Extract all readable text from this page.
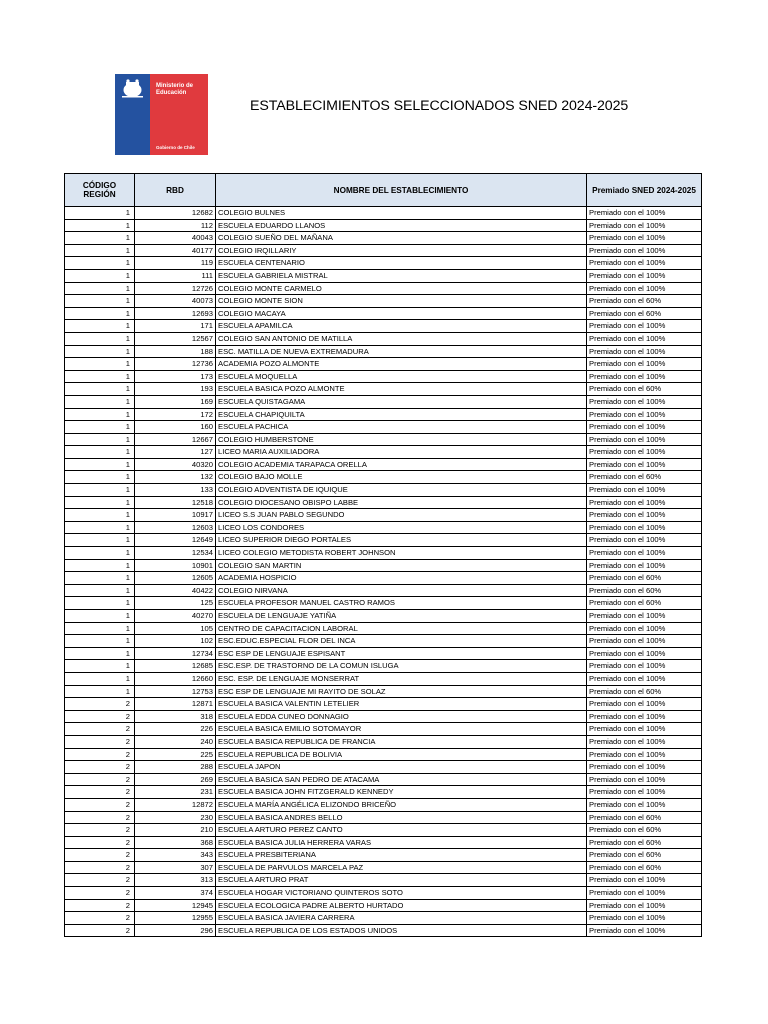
Ministerio de
Educación
Gobierno de Chile
ESTABLECIMIENTOS SELECCIONADOS SNED 2024-2025
CÓDIGO
REGIÓN	RBD	NOMBRE DEL ESTABLECIMIENTO	Premiado SNED 2024-2025
1	12682	COLEGIO BULNES	Premiado con el 100%
1	112	ESCUELA EDUARDO LLANOS	Premiado con el 100%
1	40043	COLEGIO SUEÑO DEL MAÑANA	Premiado con el 100%
1	40177	COLEGIO IRQILLARIY	Premiado con el 100%
1	119	ESCUELA CENTENARIO	Premiado con el 100%
1	111	ESCUELA GABRIELA MISTRAL	Premiado con el 100%
1	12726	COLEGIO MONTE CARMELO	Premiado con el 100%
1	40073	COLEGIO MONTE SION	Premiado con el 60%
1	12693	COLEGIO MACAYA	Premiado con el 60%
1	171	ESCUELA APAMILCA	Premiado con el 100%
1	12567	COLEGIO SAN ANTONIO DE MATILLA	Premiado con el 100%
1	188	ESC. MATILLA DE NUEVA EXTREMADURA	Premiado con el 100%
1	12736	ACADEMIA POZO ALMONTE	Premiado con el 100%
1	173	ESCUELA MOQUELLA	Premiado con el 100%
1	193	ESCUELA BASICA POZO ALMONTE	Premiado con el 60%
1	169	ESCUELA QUISTAGAMA	Premiado con el 100%
1	172	ESCUELA CHAPIQUILTA	Premiado con el 100%
1	160	ESCUELA PACHICA	Premiado con el 100%
1	12667	COLEGIO HUMBERSTONE	Premiado con el 100%
1	127	LICEO MARIA AUXILIADORA	Premiado con el 100%
1	40320	COLEGIO ACADEMIA TARAPACA ORELLA	Premiado con el 100%
1	132	COLEGIO BAJO MOLLE	Premiado con el 60%
1	133	COLEGIO ADVENTISTA DE IQUIQUE	Premiado con el 100%
1	12518	COLEGIO DIOCESANO OBISPO LABBE	Premiado con el 100%
1	10917	LICEO S.S JUAN PABLO SEGUNDO	Premiado con el 100%
1	12603	LICEO LOS CONDORES	Premiado con el 100%
1	12649	LICEO SUPERIOR DIEGO PORTALES	Premiado con el 100%
1	12534	LICEO COLEGIO METODISTA ROBERT JOHNSON	Premiado con el 100%
1	10901	COLEGIO SAN MARTIN	Premiado con el 100%
1	12605	ACADEMIA HOSPICIO	Premiado con el 60%
1	40422	COLEGIO NIRVANA	Premiado con el 60%
1	125	ESCUELA PROFESOR MANUEL CASTRO RAMOS	Premiado con el 60%
1	40270	ESCUELA DE LENGUAJE YATIÑA	Premiado con el 100%
1	105	CENTRO DE CAPACITACION LABORAL	Premiado con el 100%
1	102	ESC.EDUC.ESPECIAL FLOR DEL INCA	Premiado con el 100%
1	12734	ESC ESP DE LENGUAJE ESPISANT	Premiado con el 100%
1	12685	ESC.ESP. DE TRASTORNO DE LA COMUN ISLUGA	Premiado con el 100%
1	12660	ESC. ESP. DE LENGUAJE MONSERRAT	Premiado con el 100%
1	12753	ESC ESP DE LENGUAJE MI RAYITO DE SOLAZ	Premiado con el 60%
2	12871	ESCUELA BASICA VALENTIN LETELIER	Premiado con el 100%
2	318	ESCUELA EDDA CUNEO DONNAGIO	Premiado con el 100%
2	226	ESCUELA BASICA EMILIO SOTOMAYOR	Premiado con el 100%
2	240	ESCUELA BASICA REPUBLICA DE FRANCIA	Premiado con el 100%
2	225	ESCUELA REPUBLICA DE BOLIVIA	Premiado con el 100%
2	288	ESCUELA JAPON	Premiado con el 100%
2	269	ESCUELA BASICA SAN PEDRO DE ATACAMA	Premiado con el 100%
2	231	ESCUELA BASICA JOHN FITZGERALD KENNEDY	Premiado con el 100%
2	12872	ESCUELA MARÍA ANGÉLICA ELIZONDO BRICEÑO	Premiado con el 100%
2	230	ESCUELA BASICA ANDRES BELLO	Premiado con el 60%
2	210	ESCUELA ARTURO PEREZ CANTO	Premiado con el 60%
2	368	ESCUELA BASICA JULIA HERRERA VARAS	Premiado con el 60%
2	343	ESCUELA PRESBITERIANA	Premiado con el 60%
2	307	ESCUELA DE PARVULOS MARCELA PAZ	Premiado con el 60%
2	313	ESCUELA ARTURO PRAT	Premiado con el 100%
2	374	ESCUELA HOGAR VICTORIANO QUINTEROS SOTO	Premiado con el 100%
2	12945	ESCUELA ECOLOGICA PADRE ALBERTO HURTADO	Premiado con el 100%
2	12955	ESCUELA BASICA JAVIERA CARRERA	Premiado con el 100%
2	296	ESCUELA REPUBLICA DE LOS ESTADOS UNIDOS	Premiado con el 100%
